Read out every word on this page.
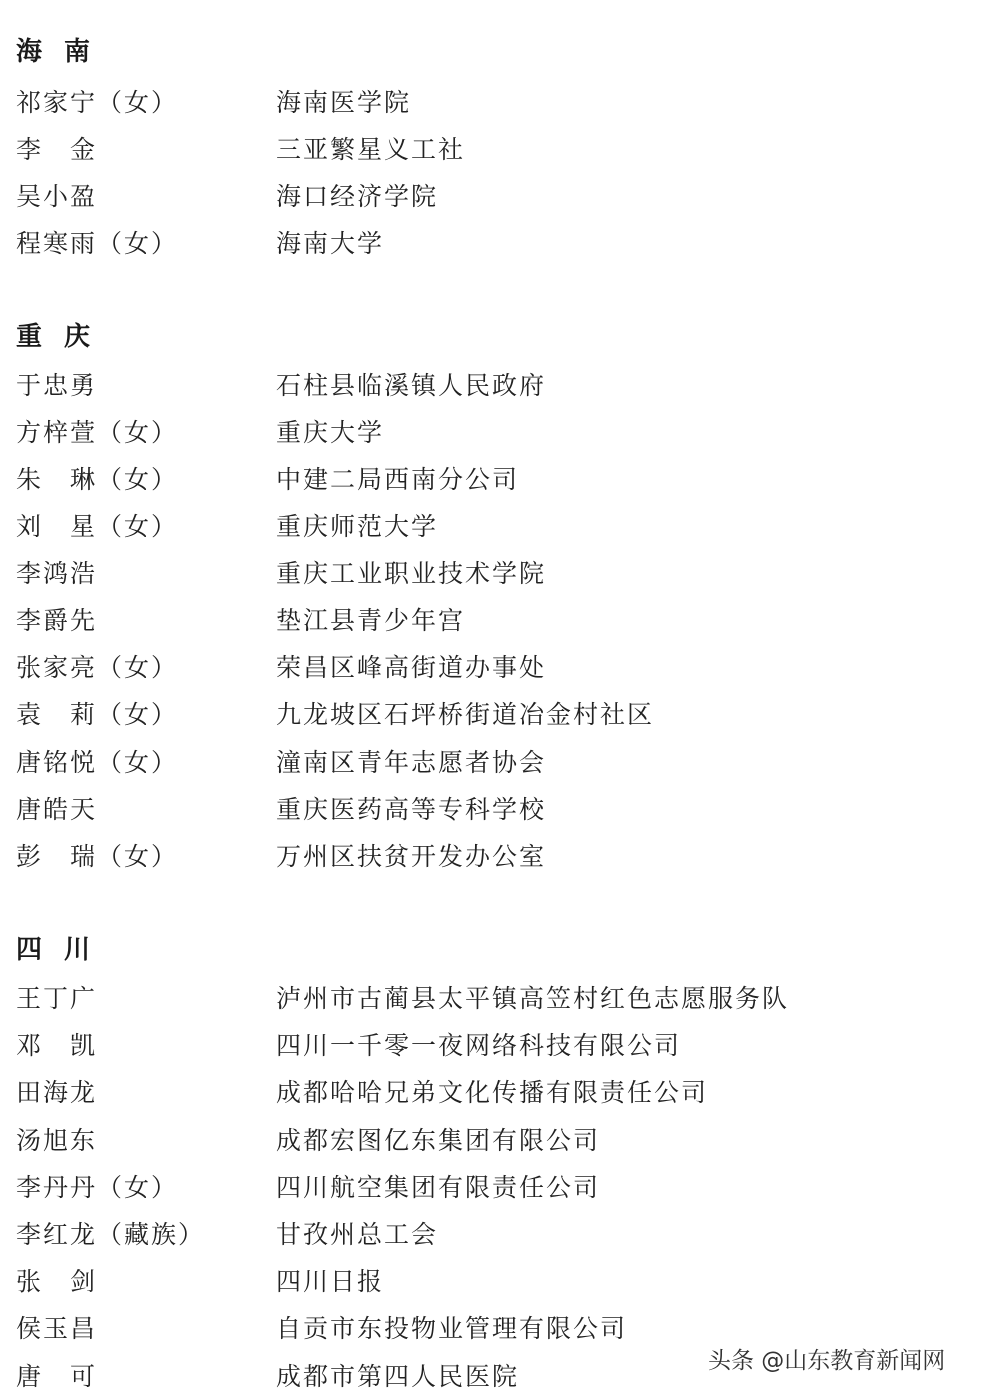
海南
祁家宁（女）	海南医学院
李　金	三亚繁星义工社
吴小盈	海口经济学院
程寒雨（女）	海南大学
重庆
于忠勇	石柱县临溪镇人民政府
方梓萱（女）	重庆大学
朱　琳（女）	中建二局西南分公司
刘　星（女）	重庆师范大学
李鸿浩	重庆工业职业技术学院
李爵先	垫江县青少年宫
张家亮（女）	荣昌区峰高街道办事处
袁　莉（女）	九龙坡区石坪桥街道冶金村社区
唐铭悦（女）	潼南区青年志愿者协会
唐皓天	重庆医药高等专科学校
彭　瑞（女）	万州区扶贫开发办公室
四川
王丁广	泸州市古蔺县太平镇高笠村红色志愿服务队
邓　凯	四川一千零一夜网络科技有限公司
田海龙	成都哈哈兄弟文化传播有限责任公司
汤旭东	成都宏图亿东集团有限公司
李丹丹（女）	四川航空集团有限责任公司
李红龙（藏族）	甘孜州总工会
张　剑	四川日报
侯玉昌	自贡市东投物业管理有限公司
唐　可	成都市第四人民医院
头条 @山东教育新闻网
